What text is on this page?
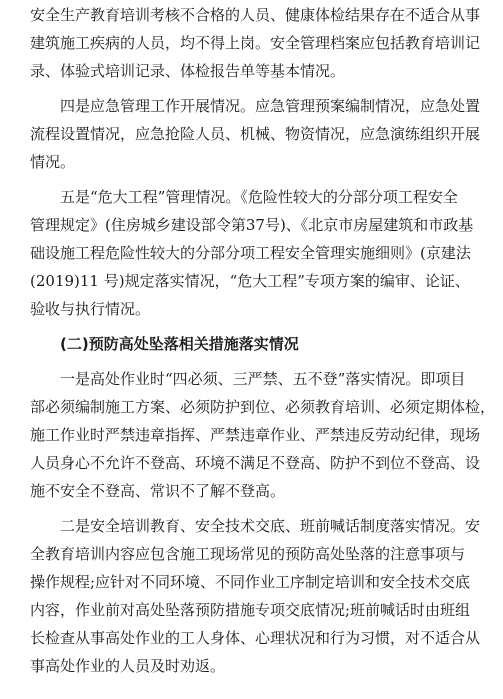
安全生产教育培训考核不合格的人员、健康体检结果存在不适合从事
建筑施工疾病的人员，均不得上岗。安全管理档案应包括教育培训记
录、体验式培训记录、体检报告单等基本情况。
四是应急管理工作开展情况。应急管理预案编制情况，应急处置
流程设置情况，应急抢险人员、机械、物资情况，应急演练组织开展
情况。
五是“危大工程”管理情况。《危险性较大的分部分项工程安全
管理规定》(住房城乡建设部令第37号)、《北京市房屋建筑和市政基
础设施工程危险性较大的分部分项工程安全管理实施细则》(京建法
(2019)11 号)规定落实情况，“危大工程”专项方案的编审、论证、
验收与执行情况。
(二)预防高处坠落相关措施落实情况
一是高处作业时“四必须、三严禁、五不登”落实情况。即项目
部必须编制施工方案、必须防护到位、必须教育培训、必须定期体检，
施工作业时严禁违章指挥、严禁违章作业、严禁违反劳动纪律，现场
人员身心不允许不登高、环境不满足不登高、防护不到位不登高、设
施不安全不登高、常识不了解不登高。
二是安全培训教育、安全技术交底、班前喊话制度落实情况。安
全教育培训内容应包含施工现场常见的预防高处坠落的注意事项与
操作规程;应针对不同环境、不同作业工序制定培训和安全技术交底
内容，作业前对高处坠落预防措施专项交底情况;班前喊话时由班组
长检查从事高处作业的工人身体、心理状况和行为习惯，对不适合从
事高处作业的人员及时劝返。
